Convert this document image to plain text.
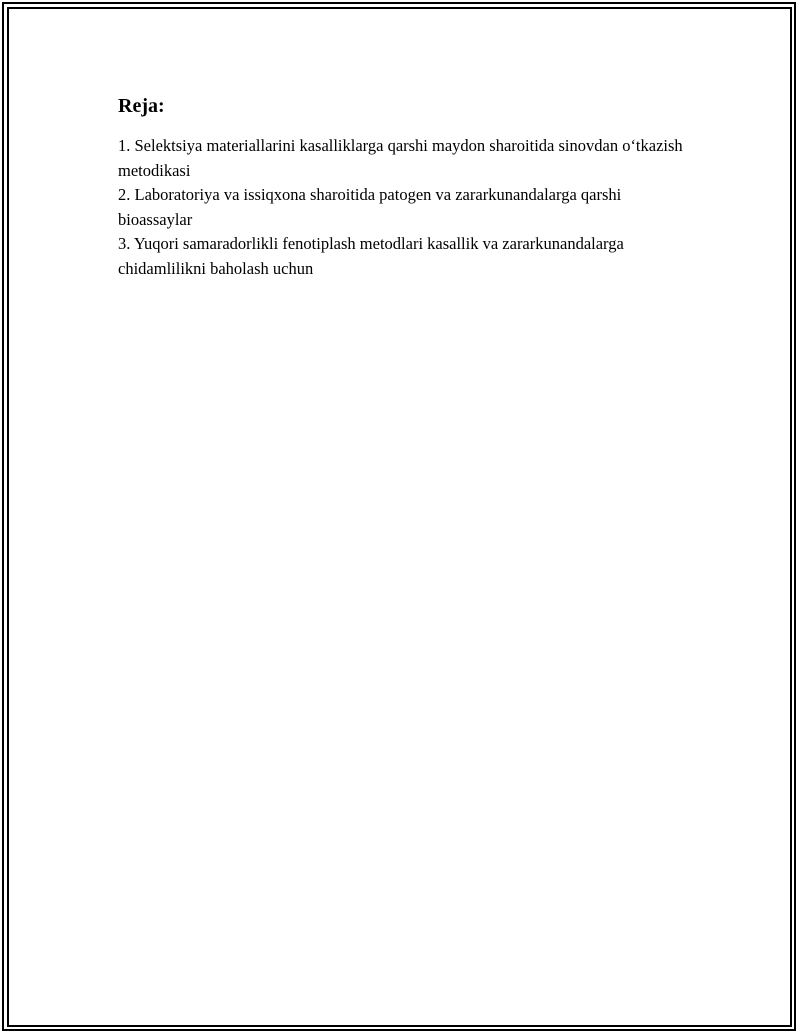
Reja:
1. Selektsiya materiallarini kasalliklarga qarshi maydon sharoitida sinovdan o‘tkazish metodikasi
2. Laboratoriya va issiqxona sharoitida patogen va zararkunandalarga qarshi bioassaylar
3. Yuqori samaradorlikli fenotiplash metodlari kasallik va zararkunandalarga chidamlilikni baholash uchun
